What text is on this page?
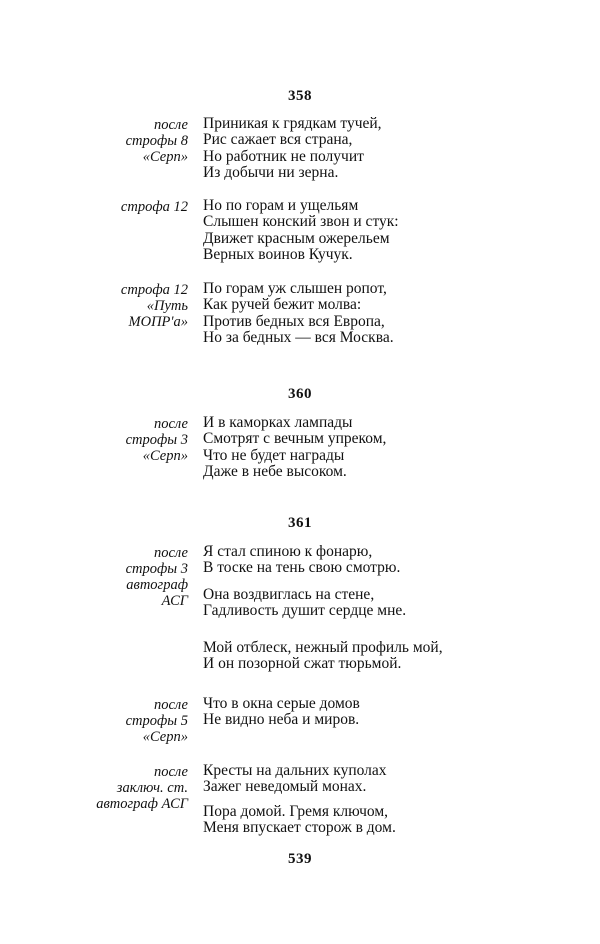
358
после
строфы 8
«Серп»
Приникая к грядкам тучей,
Рис сажает вся страна,
Но работник не получит
Из добычи ни зерна.
строфа 12 Но по горам и ущельям
Слышен конский звон и стук:
Движет красным ожерельем
Верных воинов Кучук.
строфа 12
«Путь
МОПР'а»
По горам уж слышен ропот,
Как ручей бежит молва:
Против бедных вся Европа,
Но за бедных — вся Москва.
360
после
строфы 3
«Серп»
И в каморках лампады
Смотрят с вечным упреком,
Что не будет награды
Даже в небе высоком.
361
после
строфы 3
автограф
АСГ
Я стал спиною к фонарю,
В тоске на тень свою смотрю.
Она воздвиглась на стене,
Гадливость душит сердце мне.
Мой отблеск, нежный профиль мой,
И он позорной сжат тюрьмой.
после
строфы 5
«Серп»
Что в окна серые домов
Не видно неба и миров.
после
заключ. ст.
автограф АСГ
Кресты на дальних куполах
Зажег неведомый монах.
Пора домой. Гремя ключом,
Меня впускает сторож в дом.
539
